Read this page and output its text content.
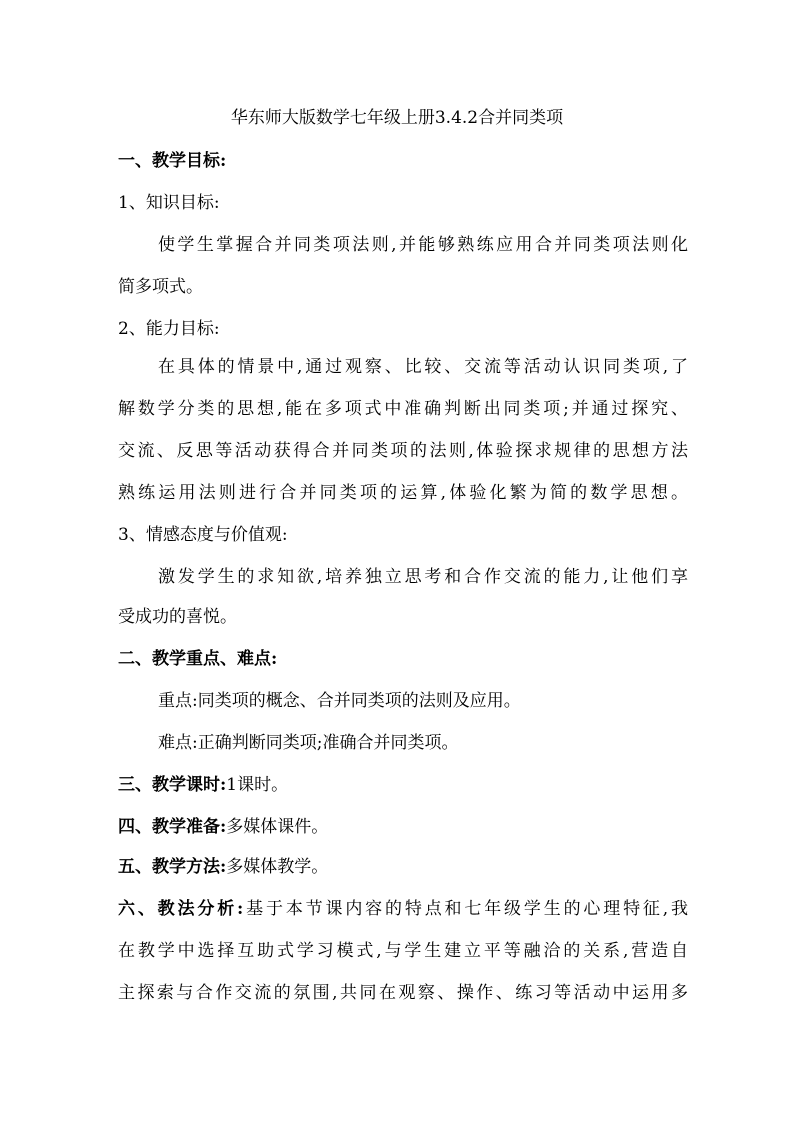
华东师大版数学七年级上册3.4.2合并同类项
一、教学目标:
1、知识目标:
使学生掌握合并同类项法则,并能够熟练应用合并同类项法则化
简多项式。
2、能力目标:
在具体的情景中,通过观察、比较、交流等活动认识同类项,了
解数学分类的思想,能在多项式中准确判断出同类项;并通过探究、
交流、反思等活动获得合并同类项的法则,体验探求规律的思想方法
熟练运用法则进行合并同类项的运算,体验化繁为简的数学思想。
3、情感态度与价值观:
激发学生的求知欲,培养独立思考和合作交流的能力,让他们享
受成功的喜悦。
二、教学重点、难点:
重点:同类项的概念、合并同类项的法则及应用。
难点:正确判断同类项;准确合并同类项。
三、教学课时:1课时。
四、教学准备:多媒体课件。
五、教学方法:多媒体教学。
六、教法分析:基于本节课内容的特点和七年级学生的心理特征,我
在教学中选择互助式学习模式,与学生建立平等融洽的关系,营造自
主探索与合作交流的氛围,共同在观察、操作、练习等活动中运用多
